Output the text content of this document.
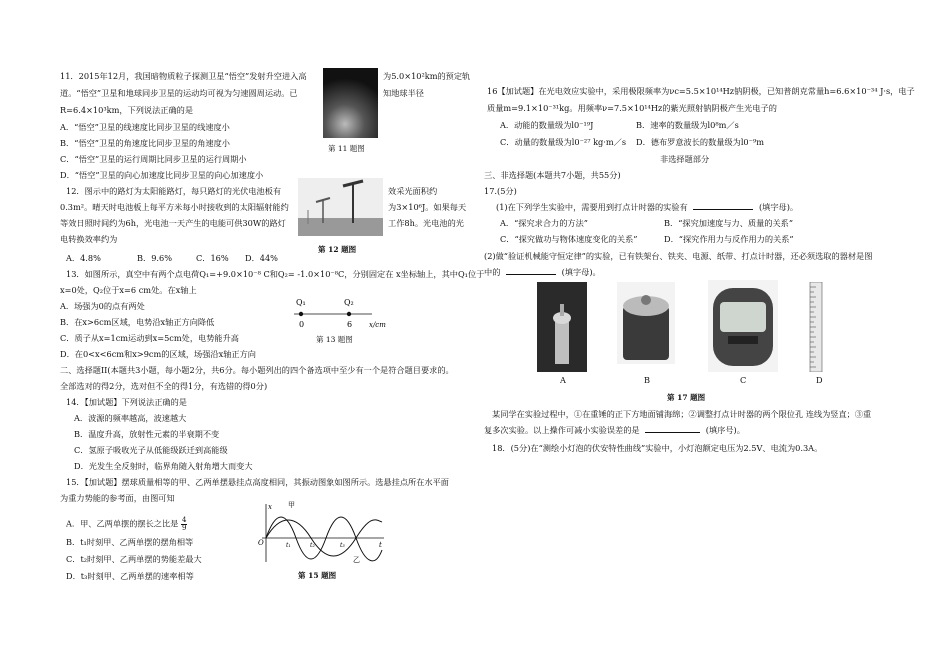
11．2015年12月，我国暗物质粒子探测卫星“悟空”发射升空进入高
道。“悟空”卫星和地球同步卫星的运动均可视为匀速圆周运动。已
R=6.4×10³km，下列说法正确的是
为5.0×10²km的预定轨
知地球半径
第 11 题图
A．“悟空”卫星的线速度比同步卫星的线速度小
B．“悟空”卫星的角速度比同步卫星的角速度小
C．“悟空”卫星的运行周期比同步卫星的运行周期小
D．“悟空”卫星的向心加速度比同步卫星的向心加速度小
12．图示中的路灯为太阳能路灯，每只路灯的光伏电池板有
0.3m²。晴天时电池板上每平方米每小时接收到的太阳辐射能约
等效日照时间约为6h，光电池一天产生的电能可供30W的路灯
电转换效率约为
效采光面积约
为3×10⁶J。如果每天
工作8h。光电池的光
第 12 题图
A．4.8%	B．9.6%	C．16% D．44%
13．如图所示，真空中有两个点电荷Q₁=+9.0×10⁻⁸ C和Q₂= -1.0×10⁻⁸C，分别固定在 x坐标轴上，其中Q₁位于
x=0处，Q₂位于x=6 cm处。在x轴上
A．场强为0的点有两处
B．在x>6cm区域，电势沿x轴正方向降低
C．质子从x=1cm运动到x=5cm处，电势能升高
D．在0<x<6cm和x>9cm的区域，场强沿x轴正方向
Q₁	Q₂
0	6 x/cm
第 13 题图
二、选择题II(本题共3小题，每小题2分，共6分。每小题列出的四个备选项中至少有一个是符合题目要求的。
全部选对的得2分，选对但不全的得1分，有选错的得0分)
14．【加试题】下列说法正确的是
A．波源的频率越高，波速越大
B．温度升高，放射性元素的半衰期不变
C．氢原子吸收光子从低能级跃迁到高能级
D．光发生全反射时，临界角随入射角增大而变大
15．【加试题】摆球质量相等的甲、乙两单摆悬挂点高度相同，其振动图象如图所示。选悬挂点所在水平面
为重力势能的参考面，由图可知
A．甲、乙两单摆的摆长之比是 $\frac{4}{9}$
B．t₁时刻甲、乙两单摆的摆角相等
C．t₂时刻甲、乙两单摆的势能差最大
D．t₃时刻甲、乙两单摆的速率相等
x
t
O
甲
乙
t₁	t₂	t₃
第 15 题图
16【加试题】在光电效应实验中，采用极限频率为νc=5.5×10¹⁴Hz钠阴极，已知普朗克常量h=6.6×10⁻³⁴ J·s，电子
质量m=9.1×10⁻³¹kg。用频率ν=7.5×10¹⁴Hz的紫光照射钠阴极产生光电子的
A．动能的数量级为l0⁻¹⁹J	B．速率的数量级为l0⁸m／s
C．动量的数量级为l0⁻²⁷ kg·m／s D．德布罗意波长的数量级为l0⁻⁹m
非选择题部分
三、非选择题(本题共7小题，共55分)
17.(5分)
(1)在下列学生实验中，需要用到打点计时器的实验有	(填字母)。
A．“探究求合力的方法”	B．“探究加速度与力、质量的关系”
C．“探究做功与物体速度变化的关系”	D．“探究作用力与反作用力的关系”
(2)做“验证机械能守恒定律”的实验，已有铁架台、铁夹、电源、纸带、打点计时器，还必须选取的器材是图
中的	(填字母)。
A	B	C	D
第 17 题图
某同学在实验过程中，①在重锤的正下方地面铺海绵；②调整打点计时器的两个限位孔 连线为竖直；③重
复多次实验。以上操作可减小实验误差的是	(填序号)。
18．(5分)在“测绘小灯泡的伏安特性曲线”实验中，小灯泡额定电压为2.5V、电流为0.3A。
